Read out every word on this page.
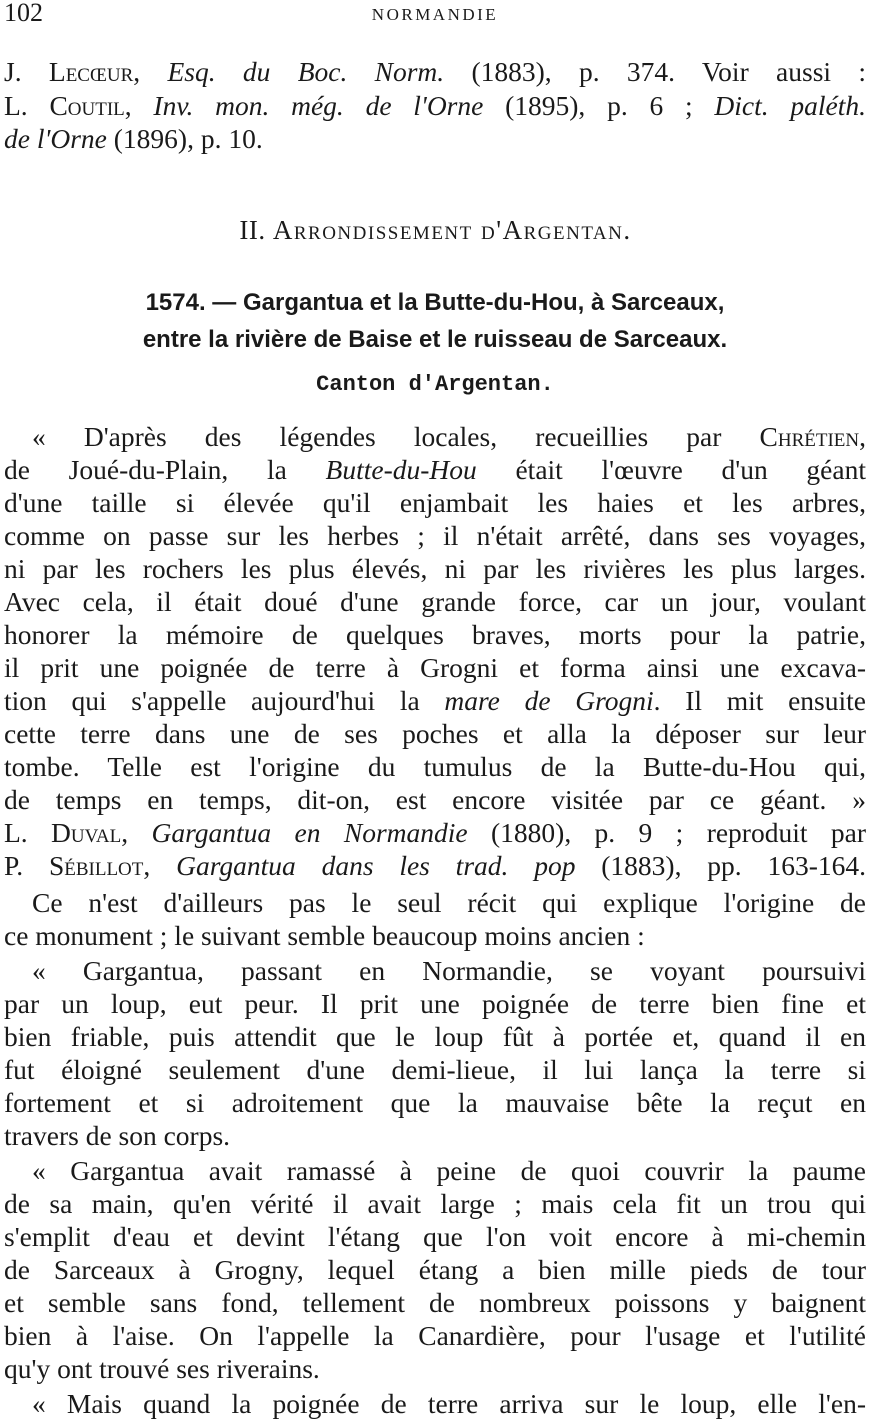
102	NORMANDIE
J. Lecœur, Esq. du Boc. Norm. (1883), p. 374. Voir aussi :
L. Coutil, Inv. mon. még. de l'Orne (1895), p. 6 ; Dict. paléth.
de l'Orne (1896), p. 10.
II. Arrondissement d'Argentan.
1574. — Gargantua et la Butte-du-Hou, à Sarceaux,
entre la rivière de Baise et le ruisseau de Sarceaux.
Canton d'Argentan.
« D'après des légendes locales, recueillies par Chrétien,
de Joué-du-Plain, la Butte-du-Hou était l'œuvre d'un géant
d'une taille si élevée qu'il enjambait les haies et les arbres,
comme on passe sur les herbes ; il n'était arrêté, dans ses voyages,
ni par les rochers les plus élevés, ni par les rivières les plus larges.
Avec cela, il était doué d'une grande force, car un jour, voulant
honorer la mémoire de quelques braves, morts pour la patrie,
il prit une poignée de terre à Grogni et forma ainsi une excava-
tion qui s'appelle aujourd'hui la mare de Grogni. Il mit ensuite
cette terre dans une de ses poches et alla la déposer sur leur
tombe. Telle est l'origine du tumulus de la Butte-du-Hou qui,
de temps en temps, dit-on, est encore visitée par ce géant. »
L. Duval, Gargantua en Normandie (1880), p. 9 ; reproduit par
P. Sébillot, Gargantua dans les trad. pop (1883), pp. 163-164.
Ce n'est d'ailleurs pas le seul récit qui explique l'origine de
ce monument ; le suivant semble beaucoup moins ancien :
« Gargantua, passant en Normandie, se voyant poursuivi
par un loup, eut peur. Il prit une poignée de terre bien fine et
bien friable, puis attendit que le loup fût à portée et, quand il en
fut éloigné seulement d'une demi-lieue, il lui lança la terre si
fortement et si adroitement que la mauvaise bête la reçut en
travers de son corps.
« Gargantua avait ramassé à peine de quoi couvrir la paume
de sa main, qu'en vérité il avait large ; mais cela fit un trou qui
s'emplit d'eau et devint l'étang que l'on voit encore à mi-chemin
de Sarceaux à Grogny, lequel étang a bien mille pieds de tour
et semble sans fond, tellement de nombreux poissons y baignent
bien à l'aise. On l'appelle la Canardière, pour l'usage et l'utilité
qu'y ont trouvé ses riverains.
« Mais quand la poignée de terre arriva sur le loup, elle l'en-
